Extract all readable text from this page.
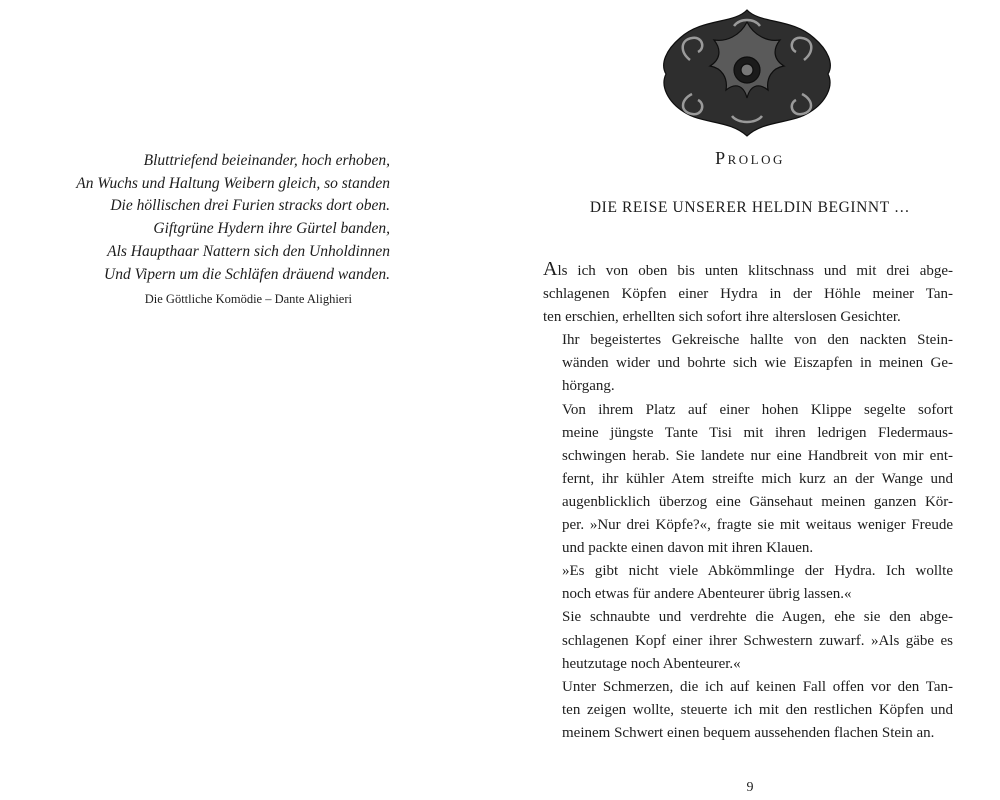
Bluttriefend beieinander, hoch erhoben,
An Wuchs und Haltung Weibern gleich, so standen
Die höllischen drei Furien stracks dort oben.
Giftgrüne Hydern ihre Gürtel banden,
Als Haupthaar Nattern sich den Unholdinnen
Und Vipern um die Schläfen dräuend wanden.
Die Göttliche Komödie – Dante Alighieri
Prolog
DIE REISE UNSERER HELDIN BEGINNT …

Als ich von oben bis unten klitschnass und mit drei abge-
schlagenen Köpfen einer Hydra in der Höhle meiner Tan-
ten erschien, erhellten sich sofort ihre alterslosen Gesichter.

Ihr begeistertes Gekreische hallte von den nackten Stein-
wänden wider und bohrte sich wie Eiszapfen in meinen Ge-
hörgang.

Von ihrem Platz auf einer hohen Klippe segelte sofort
meine jüngste Tante Tisi mit ihren ledrigen Fledermaus-
schwingen herab. Sie landete nur eine Handbreit von mir ent-
fernt, ihr kühler Atem streifte mich kurz an der Wange und
augenblicklich überzog eine Gänsehaut meinen ganzen Kör-
per. »Nur drei Köpfe?«, fragte sie mit weitaus weniger Freude
und packte einen davon mit ihren Klauen.

»Es gibt nicht viele Abkömmlinge der Hydra. Ich wollte
noch etwas für andere Abenteurer übrig lassen.«

Sie schnaubte und verdrehte die Augen, ehe sie den abge-
schlagenen Kopf einer ihrer Schwestern zuwarf. »Als gäbe es
heutzutage noch Abenteurer.«

Unter Schmerzen, die ich auf keinen Fall offen vor den Tan-
ten zeigen wollte, steuerte ich mit den restlichen Köpfen und
meinem Schwert einen bequem aussehenden flachen Stein an.

9
